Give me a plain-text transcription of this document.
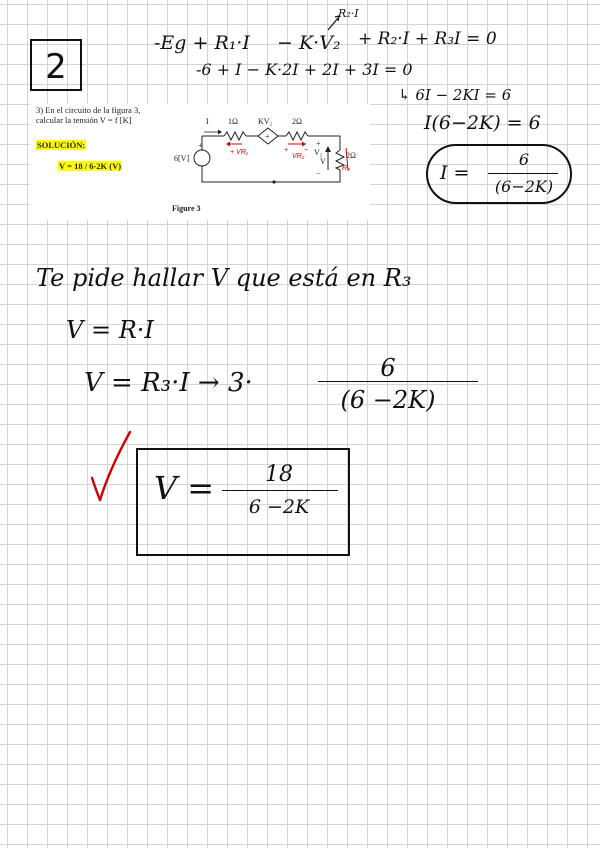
2
3) En el circuito de la figura 3,
calcular la tensión V = f [K]
SOLUCIÓN:
V = 18 / 6-2K (V)
I 1Ω	KV₂ 2Ω
2Ω
6[V]
+
+
V₂
V
+
−
+ VR₁
VR₂
R₃
+ −
Figure 3
R₂·I
-Eg + R₁·I − K·V₂ + R₂·I + R₃I = 0
-6 + I − K·2I + 2I + 3I = 0
↳ 6I − 2KI = 6
I(6−2K) = 6
I =
6
(6−2K)
Te pide hallar V que está en R₃
V = R·I
V = R₃·I → 3·	6
(6 −2K)
V =	18
6 −2K
